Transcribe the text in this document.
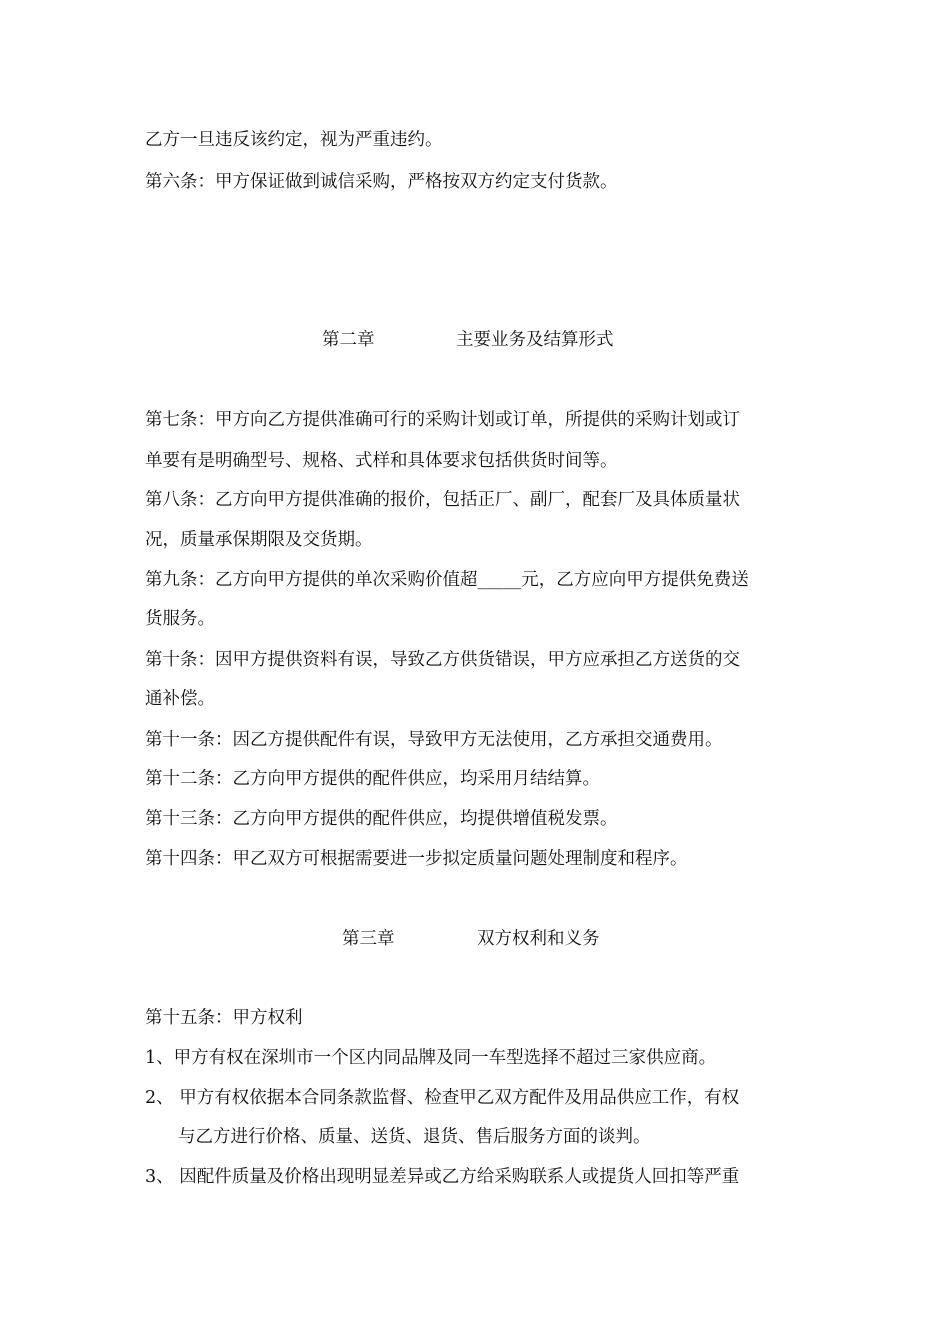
乙方一旦违反该约定，视为严重违约。
第六条：甲方保证做到诚信采购，严格按双方约定支付货款。
第二章	主要业务及结算形式
第七条：甲方向乙方提供准确可行的采购计划或订单，所提供的采购计划或订
单要有是明确型号、规格、式样和具体要求包括供货时间等。
第八条：乙方向甲方提供准确的报价，包括正厂、副厂，配套厂及具体质量状
况，质量承保期限及交货期。
第九条：乙方向甲方提供的单次采购价值超_____元，乙方应向甲方提供免费送
货服务。
第十条：因甲方提供资料有误，导致乙方供货错误，甲方应承担乙方送货的交
通补偿。
第十一条：因乙方提供配件有误，导致甲方无法使用，乙方承担交通费用。
第十二条：乙方向甲方提供的配件供应，均采用月结结算。
第十三条：乙方向甲方提供的配件供应，均提供增值税发票。
第十四条：甲乙双方可根据需要进一步拟定质量问题处理制度和程序。
第三章	双方权利和义务
第十五条：甲方权利
1、甲方有权在深圳市一个区内同品牌及同一车型选择不超过三家供应商。
2、 甲方有权依据本合同条款监督、检查甲乙双方配件及用品供应工作，有权
与乙方进行价格、质量、送货、退货、售后服务方面的谈判。
3、 因配件质量及价格出现明显差异或乙方给采购联系人或提货人回扣等严重
